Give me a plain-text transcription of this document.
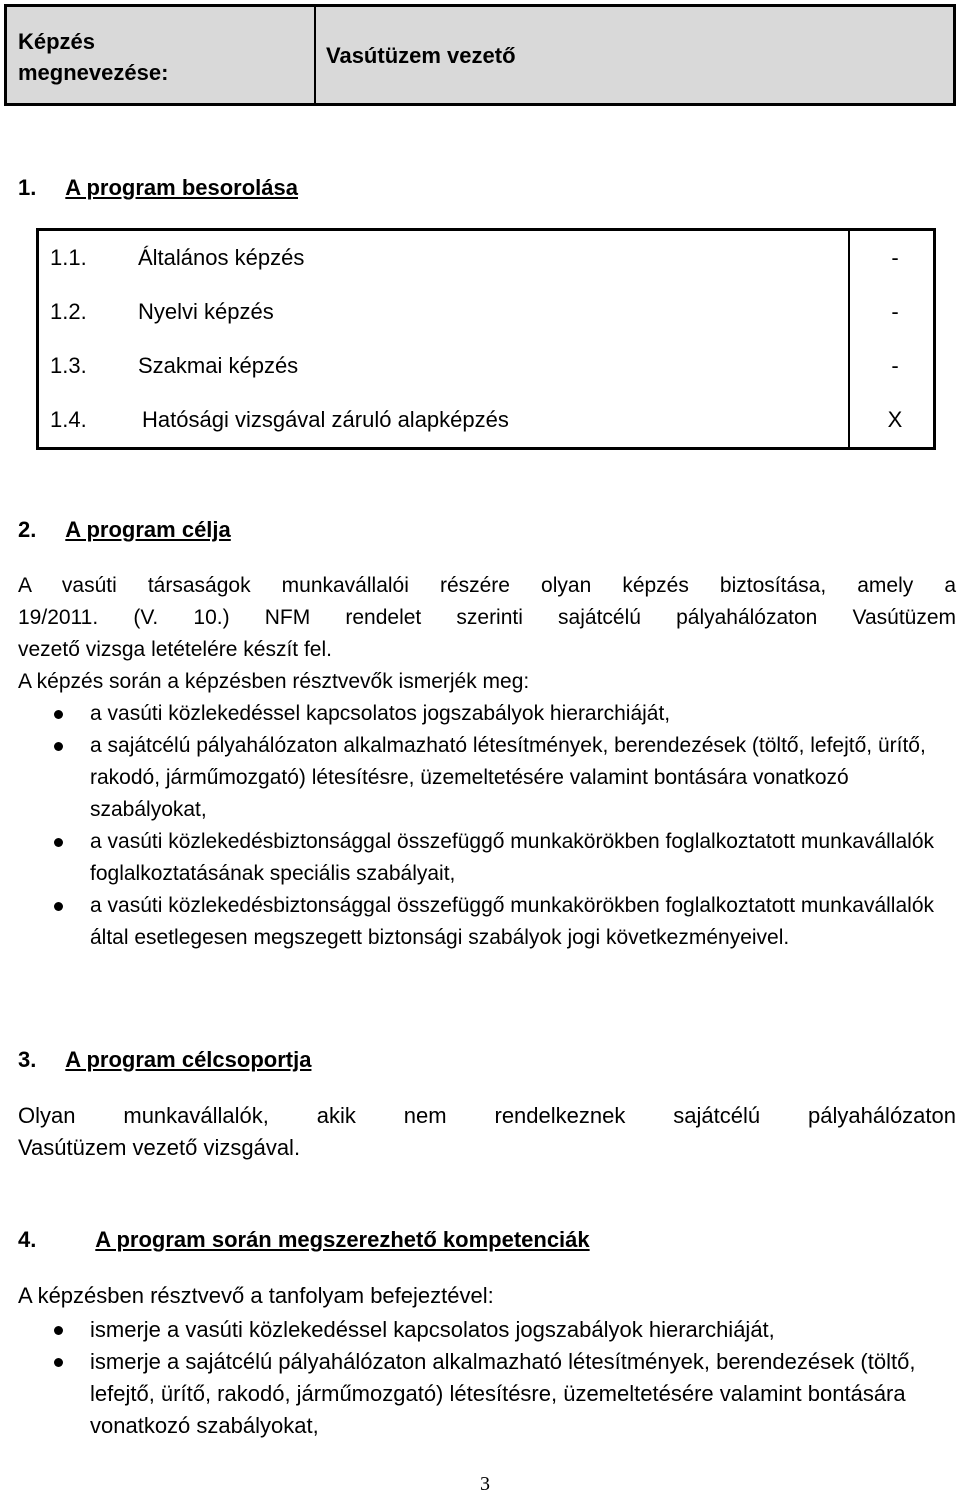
Képzés
megnevezése:
Vasútüzem vezető
1. A program besorolása
1.1. Általános képzés	-
1.2. Nyelvi képzés	-
1.3. Szakmai képzés	-
1.4.	Hatósági vizsgával záruló alapképzés	X
2. A program célja
A vasúti társaságok munkavállalói részére olyan képzés biztosítása, amely a
19/2011. (V. 10.) NFM rendelet szerinti sajátcélú pályahálózaton Vasútüzem
vezető vizsga letételére készít fel.
A képzés során a képzésben résztvevők ismerjék meg:
a vasúti közlekedéssel kapcsolatos jogszabályok hierarchiáját,
a sajátcélú pályahálózaton alkalmazható létesítmények, berendezések (töltő, lefejtő, ürítő, rakodó, járműmozgató) létesítésre, üzemeltetésére valamint bontására vonatkozó szabályokat,
a vasúti közlekedésbiztonsággal összefüggő munkakörökben foglalkoztatott munkavállalók foglalkoztatásának speciális szabályait,
a vasúti közlekedésbiztonsággal összefüggő munkakörökben foglalkoztatott munkavállalók által esetlegesen megszegett biztonsági szabályok jogi következményeivel.
3. A program célcsoportja
Olyan munkavállalók, akik nem rendelkeznek sajátcélú pályahálózaton
Vasútüzem vezető vizsgával.
4.	A program során megszerezhető kompetenciák
A képzésben résztvevő a tanfolyam befejeztével:
ismerje a vasúti közlekedéssel kapcsolatos jogszabályok hierarchiáját,
ismerje a sajátcélú pályahálózaton alkalmazható létesítmények, berendezések (töltő, lefejtő, ürítő, rakodó, járműmozgató) létesítésre, üzemeltetésére valamint bontására vonatkozó szabályokat,
3
